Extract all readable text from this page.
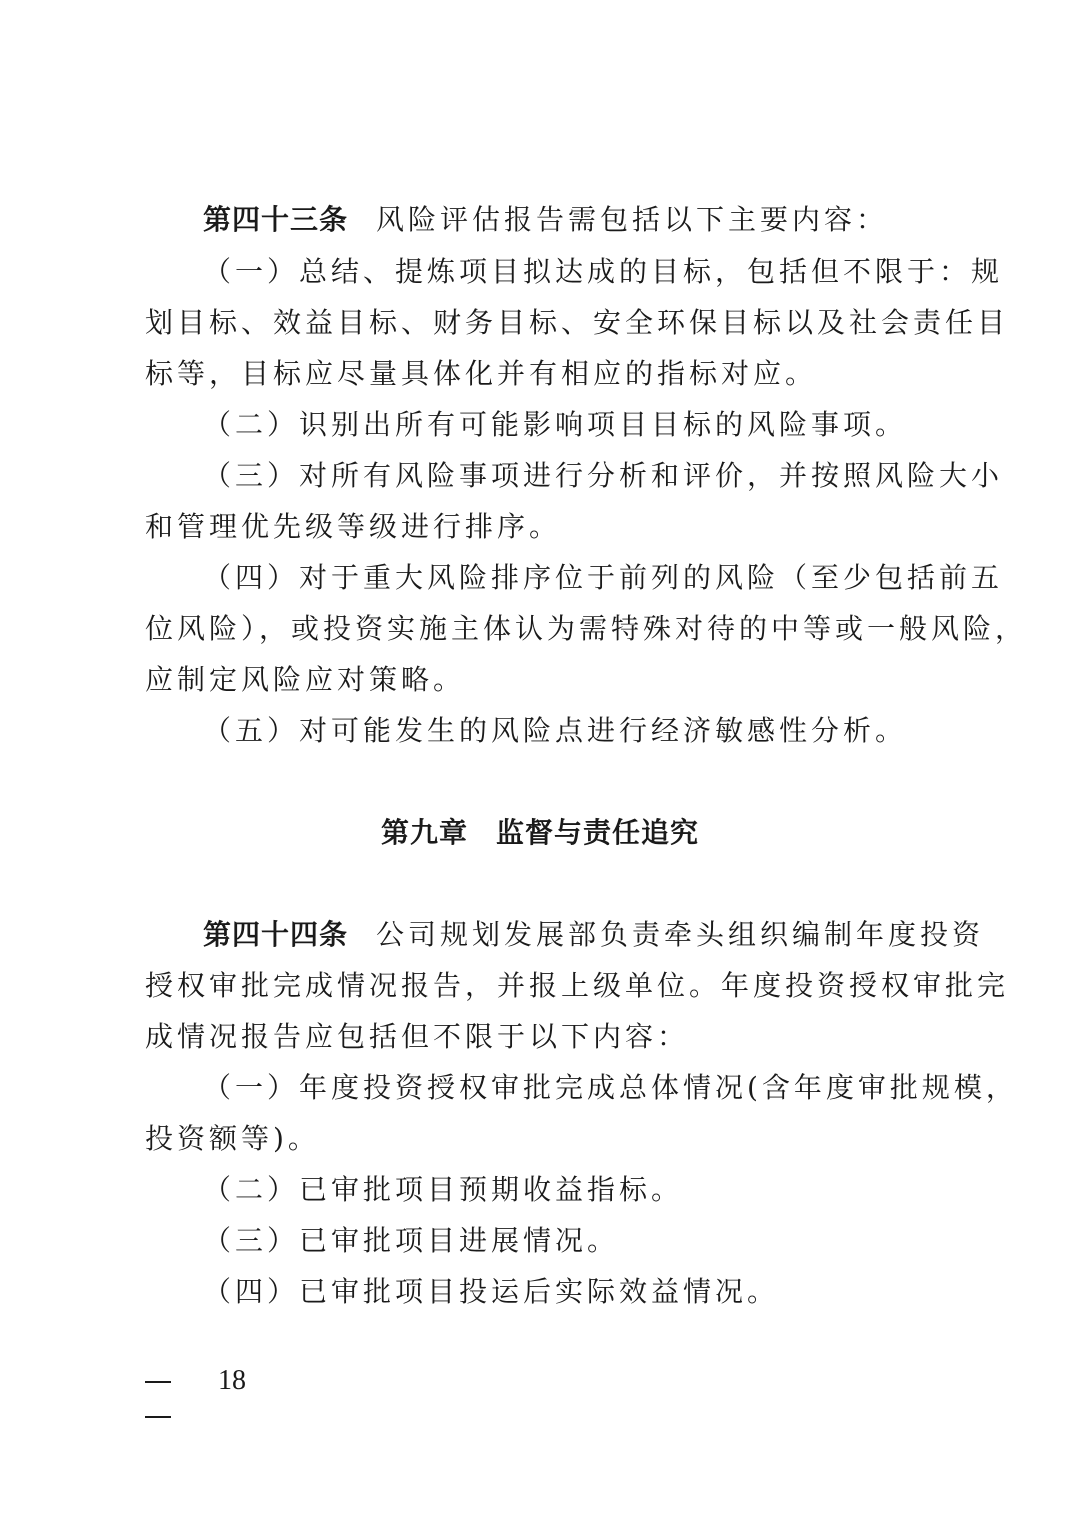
第四十三条 风险评估报告需包括以下主要内容：
（一）总结、提炼项目拟达成的目标，包括但不限于：规
划目标、效益目标、财务目标、安全环保目标以及社会责任目
标等，目标应尽量具体化并有相应的指标对应。
（二）识别出所有可能影响项目目标的风险事项。
（三）对所有风险事项进行分析和评价，并按照风险大小
和管理优先级等级进行排序。
（四）对于重大风险排序位于前列的风险（至少包括前五
位风险），或投资实施主体认为需特殊对待的中等或一般风险，
应制定风险应对策略。
（五）对可能发生的风险点进行经济敏感性分析。
第九章 监督与责任追究
第四十四条 公司规划发展部负责牵头组织编制年度投资
授权审批完成情况报告，并报上级单位。年度投资授权审批完
成情况报告应包括但不限于以下内容：
（一）年度投资授权审批完成总体情况(含年度审批规模，
投资额等)。
（二）已审批项目预期收益指标。
（三）已审批项目进展情况。
（四）已审批项目投运后实际效益情况。
18
